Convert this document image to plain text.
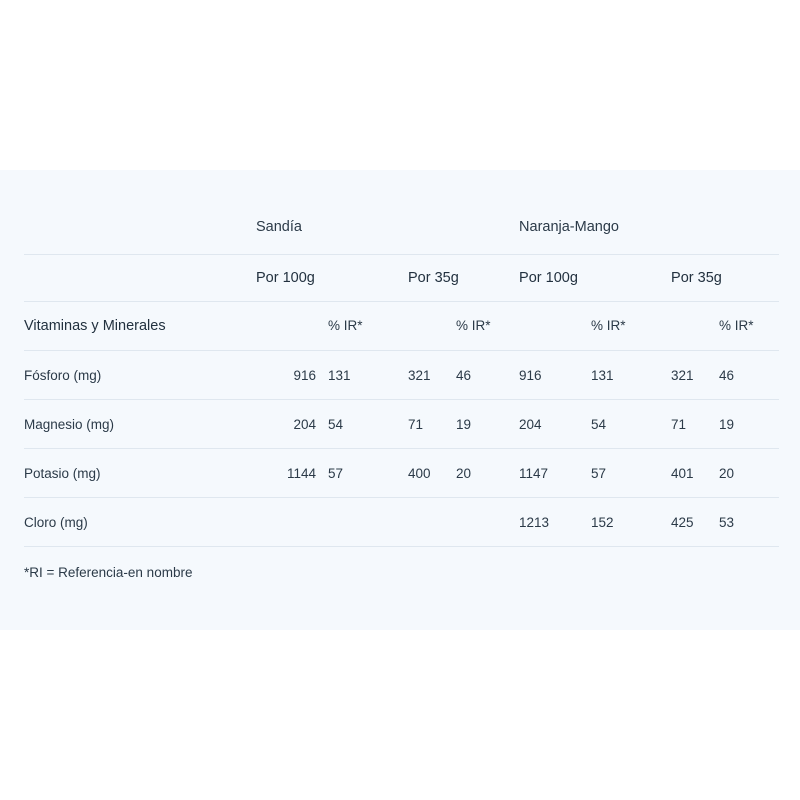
	Sandía				Naranja-Mango			
	Por 100g		Por 35g		Por 100g		Por 35g	
Vitaminas y Minerales		% IR*		% IR*		% IR*		% IR*
Fósforo (mg)	916	131	321	46	916	131	321	46
Magnesio (mg)	204	54	71	19	204	54	71	19
Potasio (mg)	1144	57	400	20	1147	57	401	20
Cloro (mg)					1213	152	425	53
*RI = Referencia-en nombre
